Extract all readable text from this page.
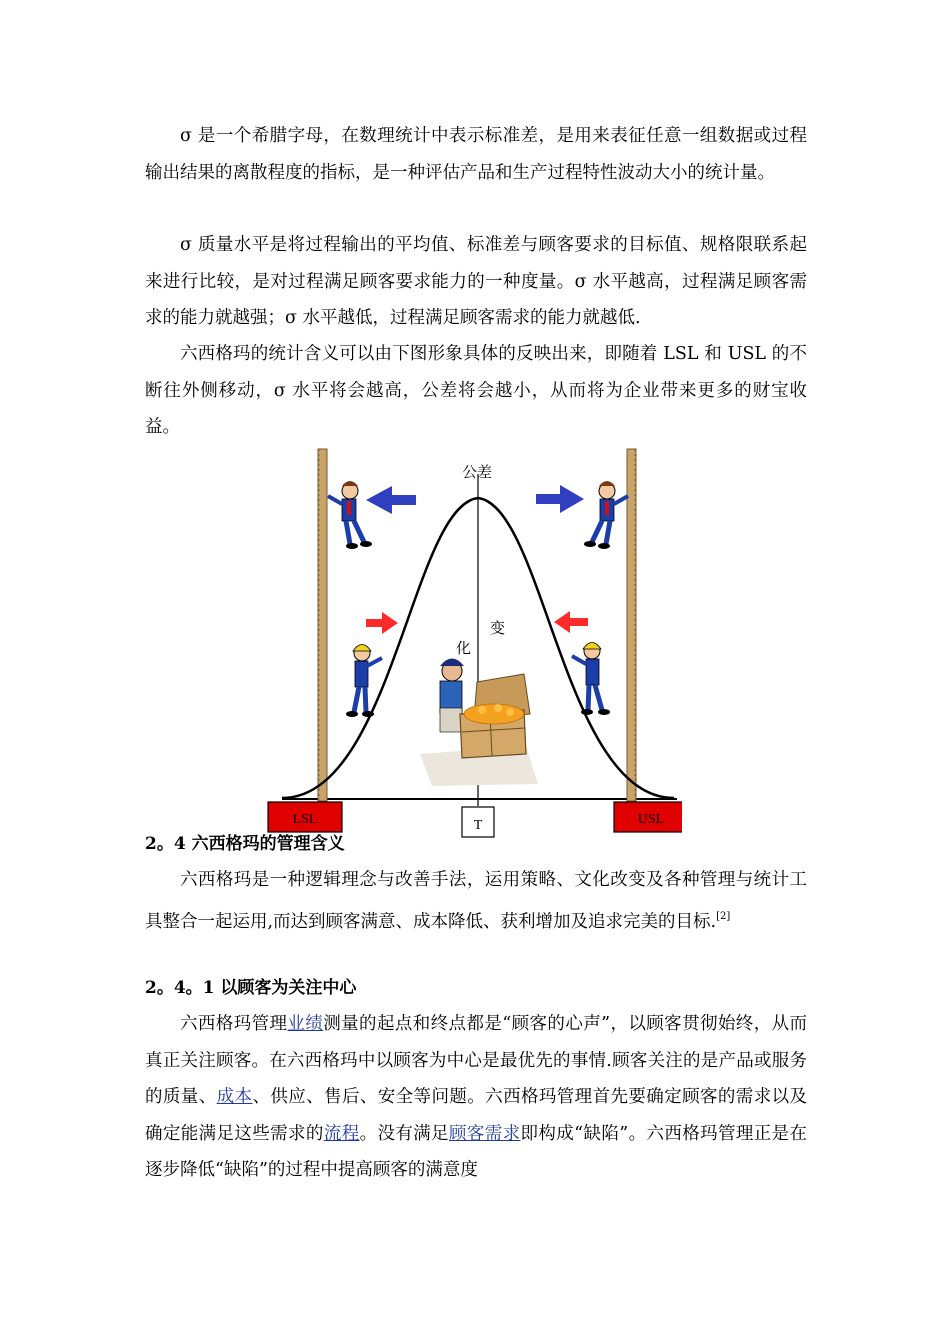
σ 是一个希腊字母，在数理统计中表示标准差，是用来表征任意一组数据或过程输出结果的离散程度的指标，是一种评估产品和生产过程特性波动大小的统计量。

σ 质量水平是将过程输出的平均值、标准差与顾客要求的目标值、规格限联系起来进行比较，是对过程满足顾客要求能力的一种度量。σ 水平越高，过程满足顾客需求的能力就越强；σ 水平越低，过程满足顾客需求的能力就越低.

六西格玛的统计含义可以由下图形象具体的反映出来，即随着 LSL 和 USL 的不断往外侧移动，σ 水平将会越高，公差将会越小，从而将为企业带来更多的财宝收益。

公差
变
化
LSL	T	USL

2。4 六西格玛的管理含义

六西格玛是一种逻辑理念与改善手法，运用策略、文化改变及各种管理与统计工具整合一起运用,而达到顾客满意、成本降低、获利增加及追求完美的目标.[2]

2。4。1 以顾客为关注中心

六西格玛管理业绩测量的起点和终点都是“顾客的心声”，以顾客贯彻始终，从而真正关注顾客。在六西格玛中以顾客为中心是最优先的事情.顾客关注的是产品或服务的质量、成本、供应、售后、安全等问题。六西格玛管理首先要确定顾客的需求以及确定能满足这些需求的流程。没有满足顾客需求即构成“缺陷”。六西格玛管理正是在逐步降低“缺陷”的过程中提高顾客的满意度
